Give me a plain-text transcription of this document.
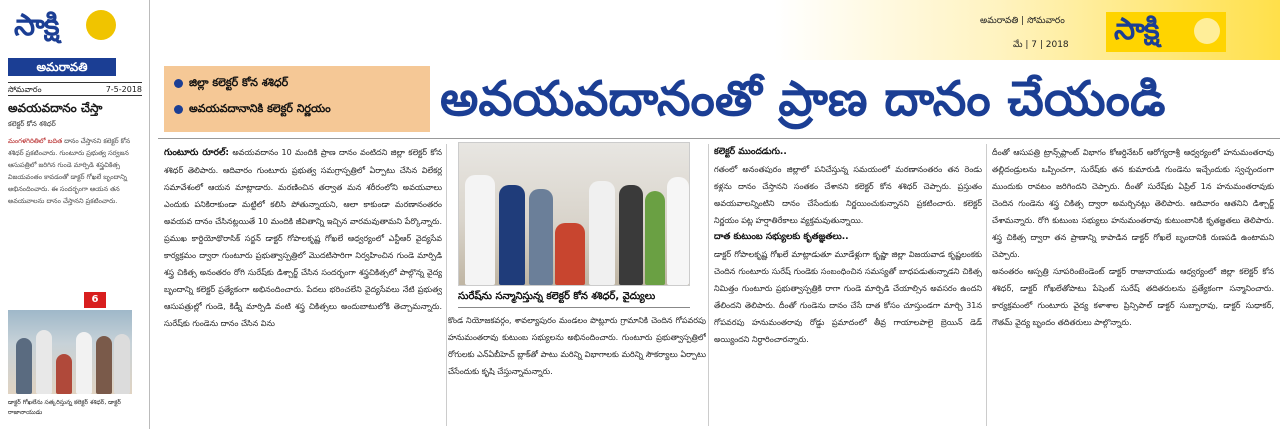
సాక్షి
అమరావతి
సోమవారం	7-5-2018
అవయవదానం చేస్తా
కలెక్టర్ కోన శశిధర్
మంగళగిరితిలో బదిత దానం చేస్తానని కలెక్టర్ కోన శశిధర్ ప్రకటించారు. గుంటూరు ప్రభుత్వ సర్వజన ఆసుపత్రిలో జరిగిన గుండె మార్పిడి శస్త్రచికిత్స విజయవంతం కావడంతో డాక్టర్ గోఖలే బృందాన్ని అభినందించారు. ఈ సందర్భంగా ఆయన తన అవయవాలను దానం చేస్తానని ప్రకటించారు.
6
డాక్టర్ గోఖలేను సత్కరిస్తున్న కలెక్టర్ శశిధర్, డాక్టర్ రాజానాయుడు
అమరావతి | సోమవారం
మే | 7 | 2018 సాక్షి
జిల్లా కలెక్టర్ కోన శశిధర్
అవయవదానానికి కలెక్టర్ నిర్ణయం అవయవదానంతో ప్రాణ దానం చేయండి
గుంటూరు రూరల్: అవయవదానం 10 మందికి ప్రాణ దానం వంటిదని జిల్లా కలెక్టర్ కోన శశిధర్ తెలిపారు. ఆదివారం గుంటూరు ప్రభుత్వ సమగ్రాస్పత్రిలో ఏర్పాటు చేసిన విలేకర్ల సమావేశంలో ఆయన మాట్లాడారు. మరణించిన తర్వాత మన శరీరంలోని అవయవాలు ఎందుకు పనికిరాకుండా మట్టిలో కలిసి పోతున్నాయని, ఆలా కాకుండా మరణానంతరం అవయవ దానం చేసినట్లయితే 10 మందికి జీవితాన్ని ఇచ్చిన వారమవుతామని పేర్కొన్నారు. ప్రముఖ కార్డియోథొరాసిక్ సర్జన్ డాక్టర్ గోపాలకృష్ణ గోఖలే ఆధ్వర్యంలో ఎన్టీఆర్ వైద్యసేవ కార్యక్రమం ద్వారా గుంటూరు ప్రభుత్వాస్పత్రిలో మొదటిసారిగా నిర్వహించిన గుండె మార్పిడి శస్త్ర చికిత్స అనంతరం రోగి సురేష్‌కు డిశ్చార్జ్ చేసిన సందర్భంగా శస్త్రచికిత్సలో పాల్గొన్న వైద్య బృందాన్ని కలెక్టర్ ప్రత్యేకంగా అభినందించారు. పేదలు భరించలేని వైద్యసేవలు నేటి ప్రభుత్వ ఆసుపత్రుల్లో గుండె, కిడ్నీ మార్పిడి వంటి శస్త్ర చికిత్సలు అందుబాటులోకి తెచ్చామన్నారు. సురేష్‌కు గుండెను దానం చేసిన విను
సురేష్‌ను సన్మానిస్తున్న కలెక్టర్ కోన శశిధర్, వైద్యులు
కొండ నియోజకవర్గం, శావల్యాపురం మండలం పొట్లూరు గ్రామానికి చెందిన గోపవరపు హనుమంతరావు కుటుంబ సభ్యులను అభినందించారు. గుంటూరు ప్రభుత్వాస్పత్రిలో రోగులకు ఎన్‌ఏబీహెచ్ బ్లాక్‌తో పాటు మరిన్ని విభాగాలకు మరిన్ని సౌకర్యాలు ఏర్పాటు చేసేందుకు కృషి చేస్తున్నామన్నారు.
కలెక్టర్ ముందడుగు..
గతంలో అనంతపురం జిల్లాలో పనిచేస్తున్న సమయంలో మరణానంతరం తన రెండు కళ్లను దానం చేస్తానని సంతకం చేశానని కలెక్టర్ కోన శశిధర్ చెప్పారు. ప్రస్తుతం అవయవాలన్నింటిని దానం చేసేందుకు నిర్ణయించుకున్నానని ప్రకటించారు. కలెక్టర్ నిర్ణయం పట్ల హర్షాతిరేకాలు వ్యక్తమవుతున్నాయి.
దాత కుటుంబ సభ్యులకు కృతజ్ఞతలు..
డాక్టర్ గోపాలకృష్ణ గోఖలే మాట్లాడుతూ మూడేళ్లుగా కృష్ణా జిల్లా విజయవాడ కృష్ణలంకకు చెందిన గుంటూరు సురేష్ గుండెకు సంబంధించిన సమస్యతో బాధపడుతున్నాడని చికిత్స నిమిత్తం గుంటూరు ప్రభుత్వాస్పత్రికి రాగా గుండె మార్పిడి చేయాల్సిన అవసరం ఉందని తేలిందని తెలిపారు. దీంతో గుండెను దానం చేసే దాత కోసం చూస్తుండగా మార్చి 31న గోపవరపు హనుమంతరావు రోడ్డు ప్రమాదంలో తీవ్ర గాయాలపాలై బ్రెయిన్ డెడ్ అయ్యిందని నిర్ధారించారన్నారు.
దీంతో ఆసుపత్రి ట్రాన్స్‌ప్లాంట్ విభాగం కోఆర్డినేటర్ ఆరోగ్యరాశ్రీ ఆధ్వర్యంలో హనుమంతరావు తల్లిదండ్రులను ఒప్పించగా, సురేష్‌కు తన కుమారుడి గుండెను ఇచ్చేందుకు స్వచ్ఛందంగా ముందుకు రావటం జరిగిందని చెప్పారు. దీంతో సురేష్‌కు ఏప్రిల్ 1న హనుమంతరావుకు చెందిన గుండెను శస్త్ర చికిత్స ద్వారా అమర్చినట్లు తెలిపారు. ఆదివారం ఆతనిని డిశ్చార్జ్ చేశామన్నారు. రోగి కుటుంబ సభ్యులు హనుమంతరావు కుటుంబానికి కృతజ్ఞతలు తెలిపారు. శస్త్ర చికిత్స ద్వారా తన ప్రాణాన్ని కాపాడిన డాక్టర్ గోఖలే బృందానికి రుణపడి ఉంటామని చెప్పారు.
అనంతరం ఆస్పత్రి సూపరింటెండెంట్ డాక్టర్ రాజునాయుడు ఆధ్వర్యంలో జిల్లా కలెక్టర్ కోన శశిధర్, డాక్టర్ గోఖలేతోపాటు పేషెంట్ సురేష్ తదితరులను ప్రత్యేకంగా సన్మానించారు. కార్యక్రమంలో గుంటూరు వైద్య కళాశాల ప్రిన్సిపాల్ డాక్టర్ సుబ్బారావు, డాక్టర్ సుధాకర్, గౌతమ్ వైద్య బృందం తదితరులు పాల్గొన్నారు.
